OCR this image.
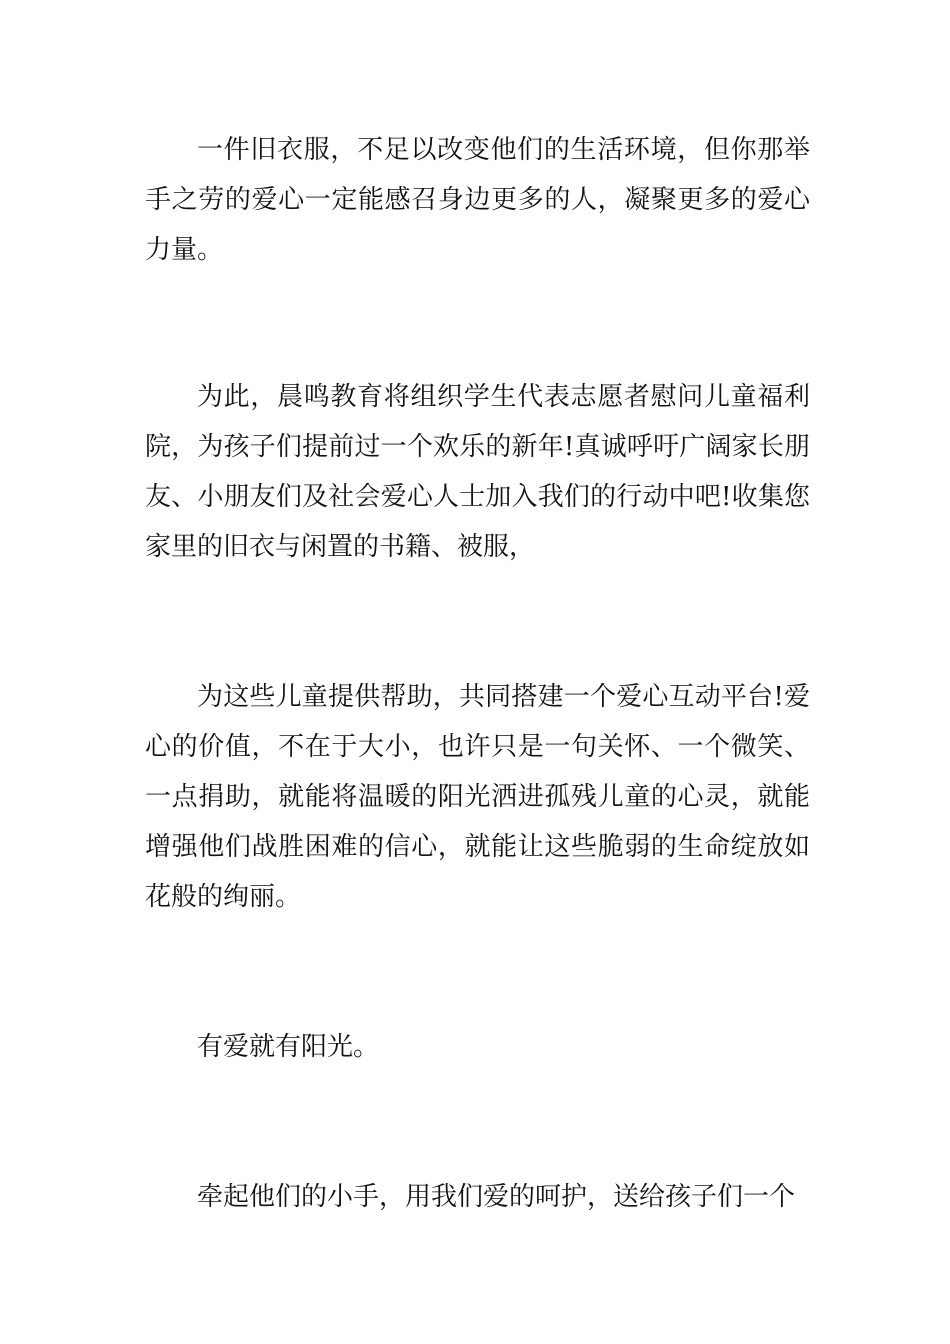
一件旧衣服，不足以改变他们的生活环境，但你那举手之劳的爱心一定能感召身边更多的人，凝聚更多的爱心力量。

为此，晨鸣教育将组织学生代表志愿者慰问儿童福利院，为孩子们提前过一个欢乐的新年!真诚呼吁广阔家长朋友、小朋友们及社会爱心人士加入我们的行动中吧!收集您家里的旧衣与闲置的书籍、被服，

为这些儿童提供帮助，共同搭建一个爱心互动平台!爱心的价值，不在于大小，也许只是一句关怀、一个微笑、一点捐助，就能将温暖的阳光洒进孤残儿童的心灵，就能增强他们战胜困难的信心，就能让这些脆弱的生命绽放如花般的绚丽。

有爱就有阳光。

牵起他们的小手，用我们爱的呵护，送给孩子们一个
